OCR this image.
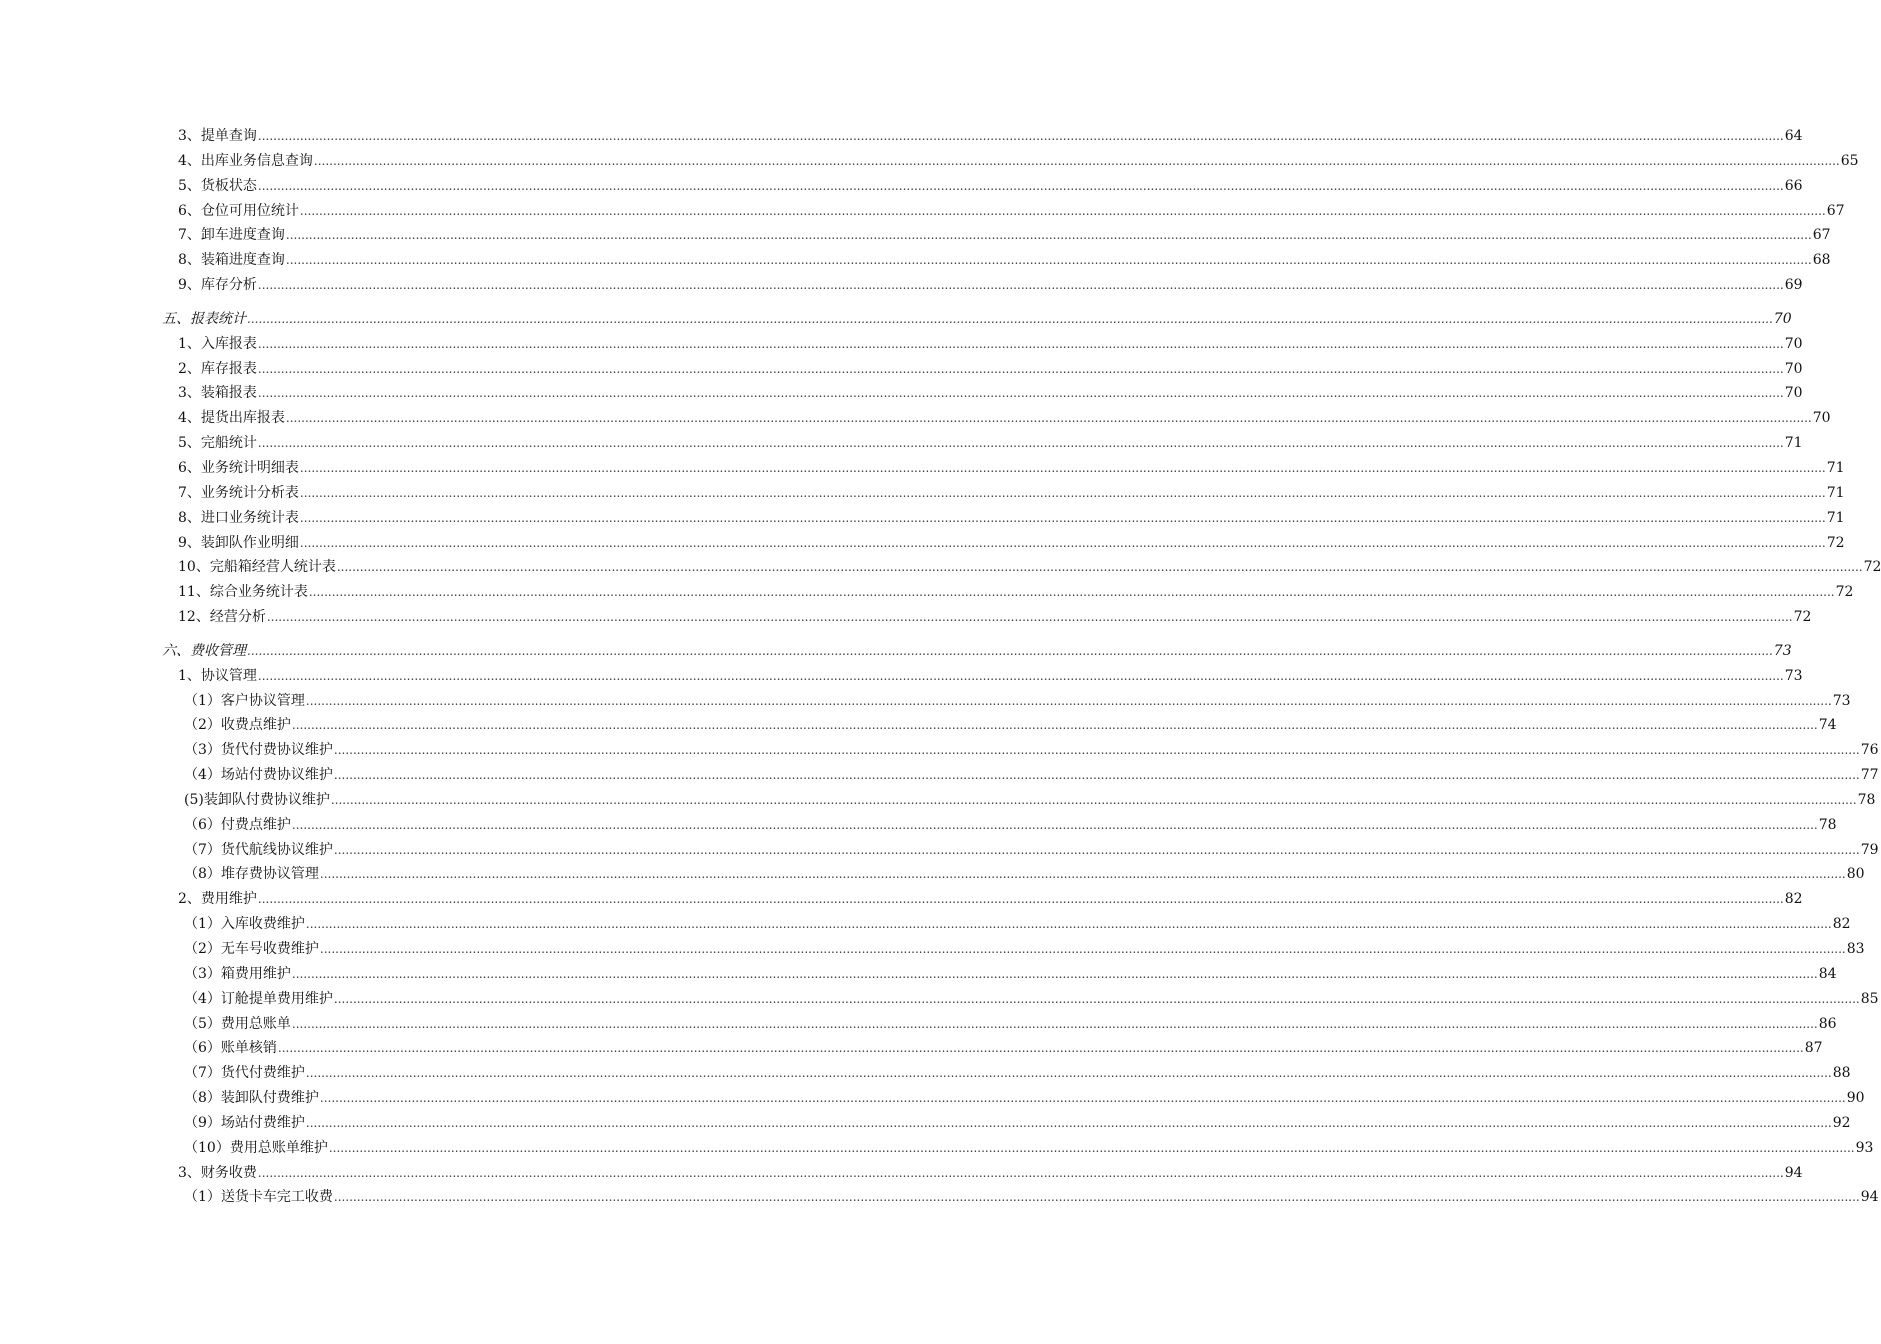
3、提单查询 ................................................................................................................................................................................................................................................................................................................................................................................................................ 64
4、出库业务信息查询 ................................................................................................................................................................................................................................................................................................................................................................................................................ 65
5、货板状态 ................................................................................................................................................................................................................................................................................................................................................................................................................ 66
6、仓位可用位统计 ................................................................................................................................................................................................................................................................................................................................................................................................................ 67
7、卸车进度查询 ................................................................................................................................................................................................................................................................................................................................................................................................................ 67
8、装箱进度查询 ................................................................................................................................................................................................................................................................................................................................................................................................................ 68
9、库存分析 ................................................................................................................................................................................................................................................................................................................................................................................................................ 69
五、报表统计 ................................................................................................................................................................................................................................................................................................................................................................................................................ 70
1、入库报表 ................................................................................................................................................................................................................................................................................................................................................................................................................ 70
2、库存报表 ................................................................................................................................................................................................................................................................................................................................................................................................................ 70
3、装箱报表 ................................................................................................................................................................................................................................................................................................................................................................................................................ 70
4、提货出库报表 ................................................................................................................................................................................................................................................................................................................................................................................................................ 70
5、完船统计 ................................................................................................................................................................................................................................................................................................................................................................................................................ 71
6、业务统计明细表 ................................................................................................................................................................................................................................................................................................................................................................................................................ 71
7、业务统计分析表 ................................................................................................................................................................................................................................................................................................................................................................................................................ 71
8、进口业务统计表 ................................................................................................................................................................................................................................................................................................................................................................................................................ 71
9、装卸队作业明细 ................................................................................................................................................................................................................................................................................................................................................................................................................ 72
10、完船箱经营人统计表 ................................................................................................................................................................................................................................................................................................................................................................................................................ 72
11、综合业务统计表 ................................................................................................................................................................................................................................................................................................................................................................................................................ 72
12、经营分析 ................................................................................................................................................................................................................................................................................................................................................................................................................ 72
六、费收管理 ................................................................................................................................................................................................................................................................................................................................................................................................................ 73
1、协议管理 ................................................................................................................................................................................................................................................................................................................................................................................................................ 73
（1）客户协议管理 ................................................................................................................................................................................................................................................................................................................................................................................................................ 73
（2）收费点维护 ................................................................................................................................................................................................................................................................................................................................................................................................................ 74
（3）货代付费协议维护 ................................................................................................................................................................................................................................................................................................................................................................................................................ 76
（4）场站付费协议维护 ................................................................................................................................................................................................................................................................................................................................................................................................................ 77
(5)装卸队付费协议维护 ................................................................................................................................................................................................................................................................................................................................................................................................................ 78
（6）付费点维护 ................................................................................................................................................................................................................................................................................................................................................................................................................ 78
（7）货代航线协议维护 ................................................................................................................................................................................................................................................................................................................................................................................................................ 79
（8）堆存费协议管理 ................................................................................................................................................................................................................................................................................................................................................................................................................ 80
2、费用维护 ................................................................................................................................................................................................................................................................................................................................................................................................................ 82
（1）入库收费维护 ................................................................................................................................................................................................................................................................................................................................................................................................................ 82
（2）无车号收费维护 ................................................................................................................................................................................................................................................................................................................................................................................................................ 83
（3）箱费用维护 ................................................................................................................................................................................................................................................................................................................................................................................................................ 84
（4）订舱提单费用维护 ................................................................................................................................................................................................................................................................................................................................................................................................................ 85
（5）费用总账单 ................................................................................................................................................................................................................................................................................................................................................................................................................ 86
（6）账单核销 ................................................................................................................................................................................................................................................................................................................................................................................................................ 87
（7）货代付费维护 ................................................................................................................................................................................................................................................................................................................................................................................................................ 88
（8）装卸队付费维护 ................................................................................................................................................................................................................................................................................................................................................................................................................ 90
（9）场站付费维护 ................................................................................................................................................................................................................................................................................................................................................................................................................ 92
（10）费用总账单维护 ................................................................................................................................................................................................................................................................................................................................................................................................................ 93
3、财务收费 ................................................................................................................................................................................................................................................................................................................................................................................................................ 94
（1）送货卡车完工收费 ................................................................................................................................................................................................................................................................................................................................................................................................................ 94
